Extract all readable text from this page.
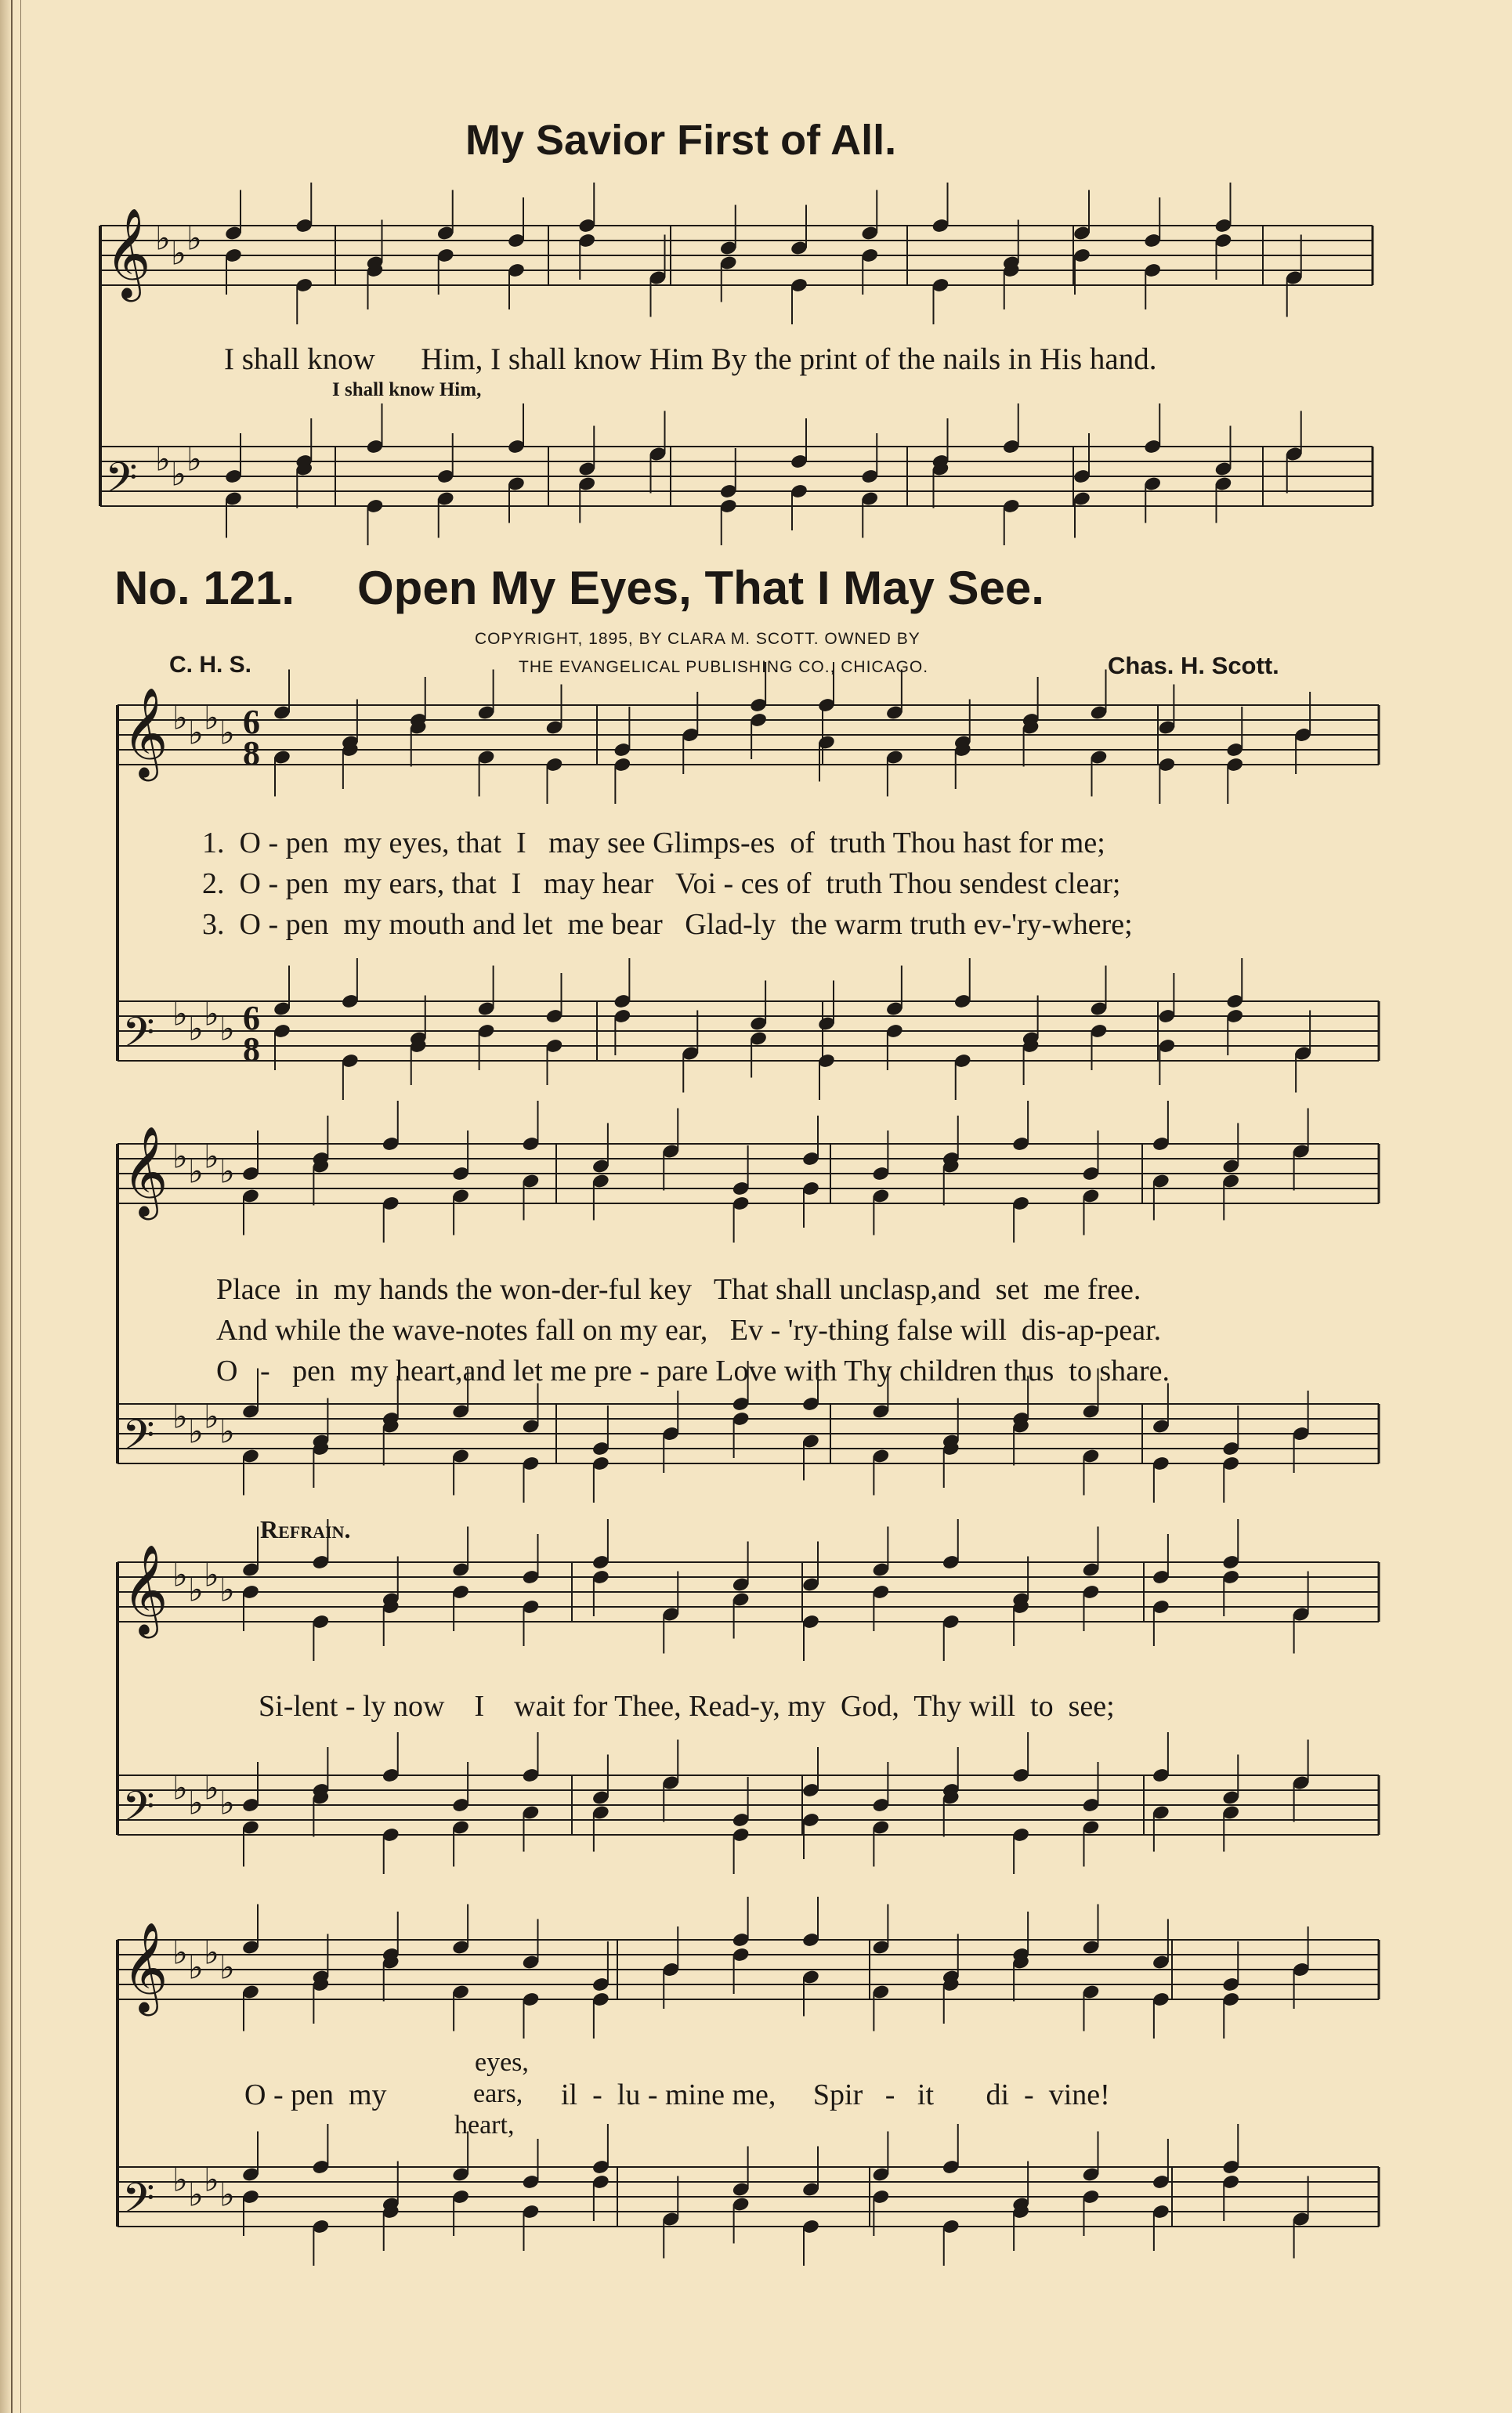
My Savior First of All.
𝄞 ♭ ♭ ♭
𝄢 ♭ ♭ ♭
𝄞 ♭ ♭ ♭ ♭ 6
8
𝄢 ♭ ♭ ♭ ♭ 6
8
𝄞 ♭ ♭ ♭ ♭
𝄢 ♭ ♭ ♭ ♭
𝄞 ♭ ♭ ♭ ♭
𝄢 ♭ ♭ ♭ ♭
𝄞 ♭ ♭ ♭ ♭
𝄢 ♭ ♭ ♭ ♭
I shall know      Him, I shall know Him By the print of the nails in His hand.
I shall know Him,
No. 121. Open My Eyes, That I May See.
COPYRIGHT, 1895, BY CLARA M. SCOTT. OWNED BY
THE EVANGELICAL PUBLISHING CO., CHICAGO.
C. H. S.	Chas. H. Scott.
1.  O - pen  my eyes, that  I   may see Glimps-es  of  truth Thou hast for me;
2.  O - pen  my ears, that  I   may hear   Voi - ces of  truth Thou sendest clear;
3.  O - pen  my mouth and let  me bear   Glad-ly  the warm truth ev-'ry-where;
Place  in  my hands the won-der-ful key   That shall unclasp,and  set  me free.
And while the wave-notes fall on my ear,   Ev - 'ry-thing false will  dis-ap-pear.
O   -   pen  my heart,and let me pre - pare Love with Thy children thus  to share.
Refrain.
Si-lent - ly now    I    wait for Thee, Read-y, my  God,  Thy will  to  see;
O - pen  my
eyes,
ears,
heart,
il  -  lu - mine me,     Spir   -   it       di  -  vine!
